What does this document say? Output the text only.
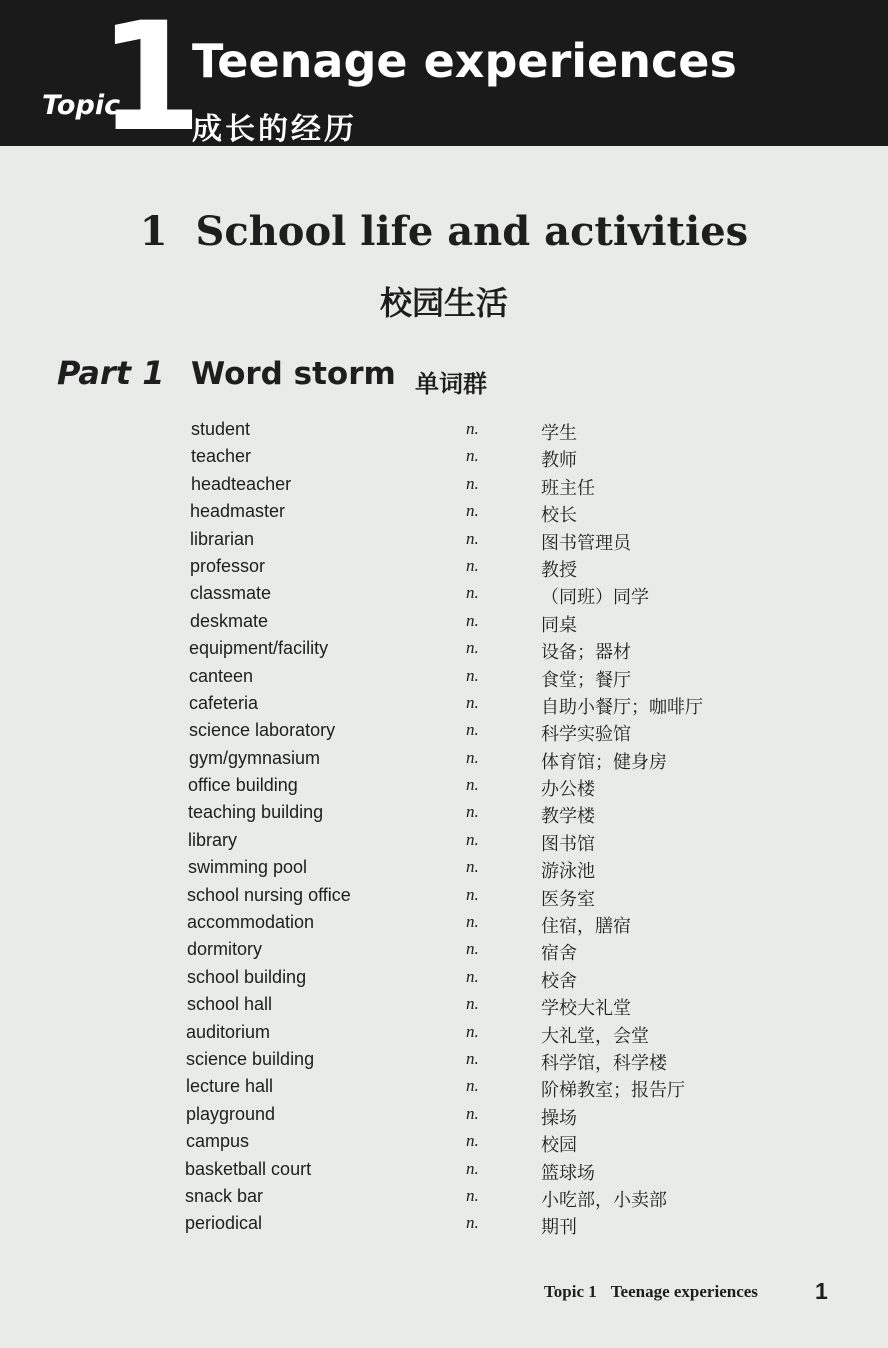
Topic
1
Teenage experiences
成长的经历
1  School life and activities
校园生活
Part 1 Word storm 单词群
student	n.	学生
teacher	n.	教师
headteacher	n.	班主任
headmaster	n.	校长
librarian	n.	图书管理员
professor	n.	教授
classmate	n.	（同班）同学
deskmate	n.	同桌
equipment/facility	n.	设备；器材
canteen	n.	食堂；餐厅
cafeteria	n.	自助小餐厅；咖啡厅
science laboratory	n.	科学实验馆
gym/gymnasium	n.	体育馆；健身房
office building	n.	办公楼
teaching building	n.	教学楼
library	n.	图书馆
swimming pool	n.	游泳池
school nursing office	n.	医务室
accommodation	n.	住宿，膳宿
dormitory	n.	宿舍
school building	n.	校舍
school hall	n.	学校大礼堂
auditorium	n.	大礼堂，会堂
science building	n.	科学馆，科学楼
lecture hall	n.	阶梯教室；报告厅
playground	n.	操场
campus	n.	校园
basketball court	n.	篮球场
snack bar	n.	小吃部，小卖部
periodical	n.	期刊
Topic 1 Teenage experiences 1
